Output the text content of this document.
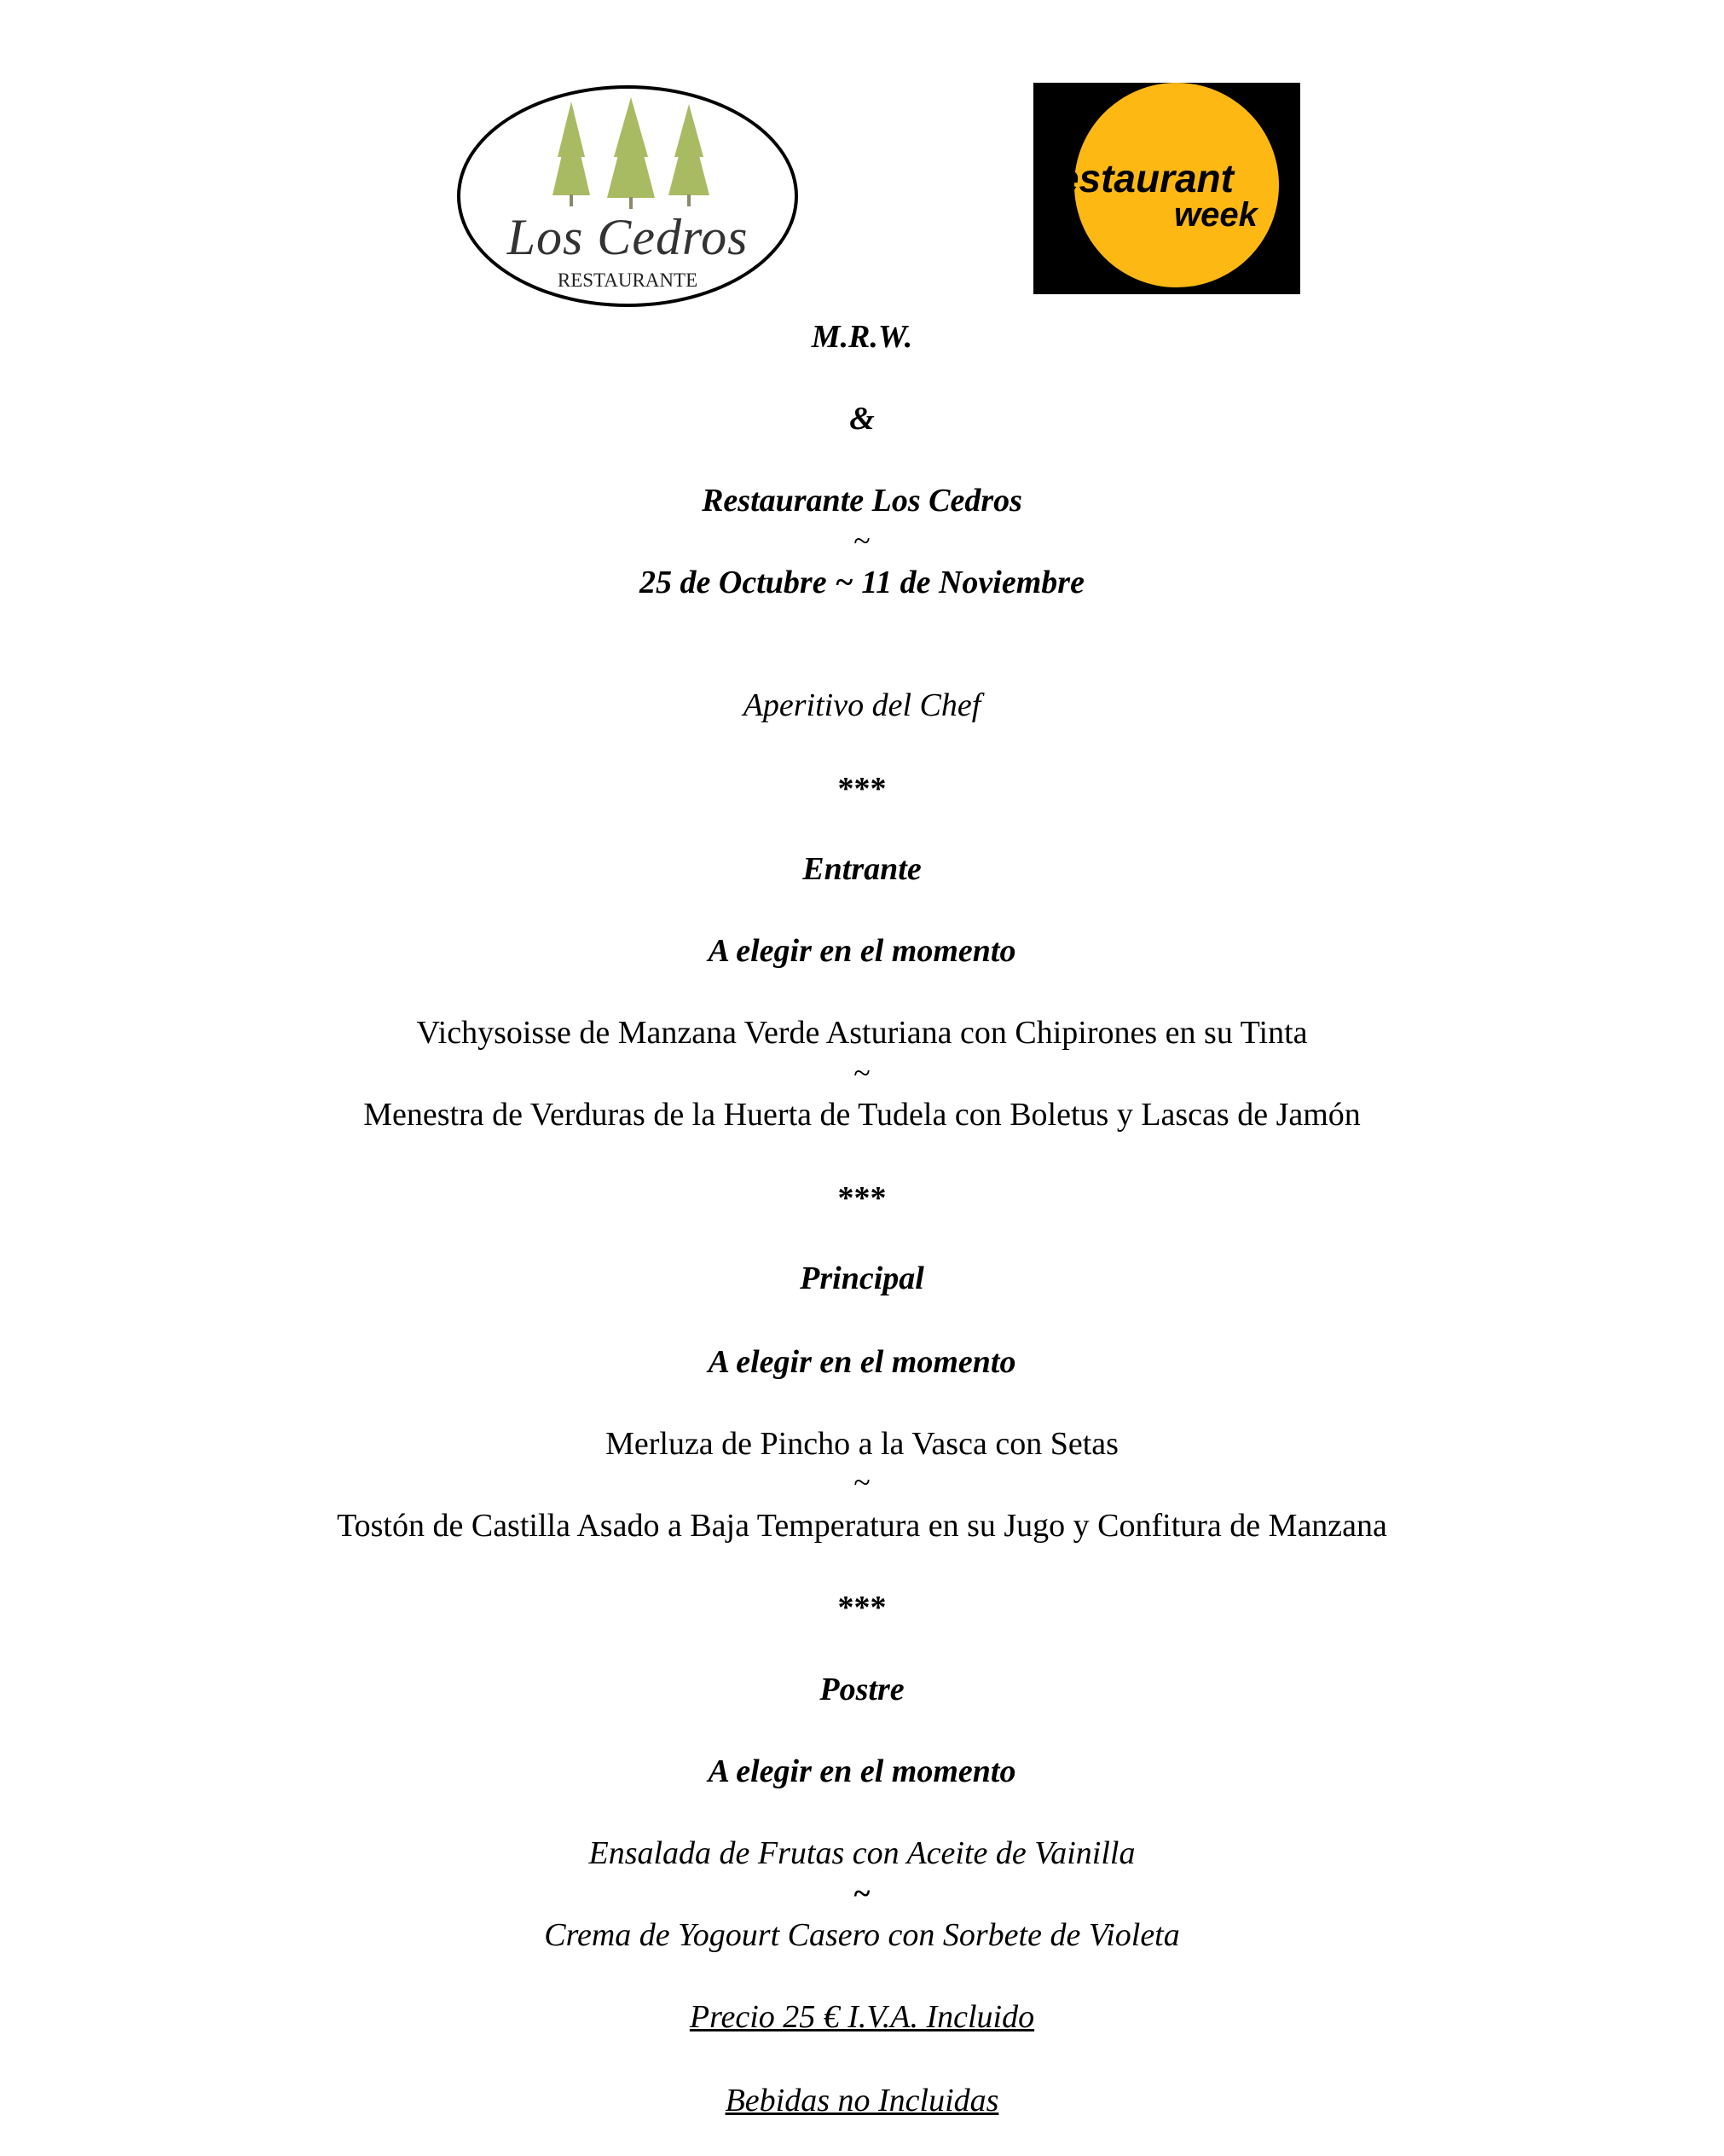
Los Cedros
RESTAURANTE
restaurant
week
M.R.W.
&
Restaurante Los Cedros
~
25 de Octubre ~ 11 de Noviembre
Aperitivo del Chef
***
Entrante
A elegir en el momento
Vichysoisse de Manzana Verde Asturiana con Chipirones en su Tinta
~
Menestra de Verduras de la Huerta de Tudela con Boletus y Lascas de Jamón
***
Principal
A elegir en el momento
Merluza de Pincho a la Vasca con Setas
~
Tostón de Castilla Asado a Baja Temperatura en su Jugo y Confitura de Manzana
***
Postre
A elegir en el momento
Ensalada de Frutas con Aceite de Vainilla
~
Crema de Yogourt Casero con Sorbete de Violeta
Precio 25 € I.V.A. Incluido
Bebidas no Incluidas
